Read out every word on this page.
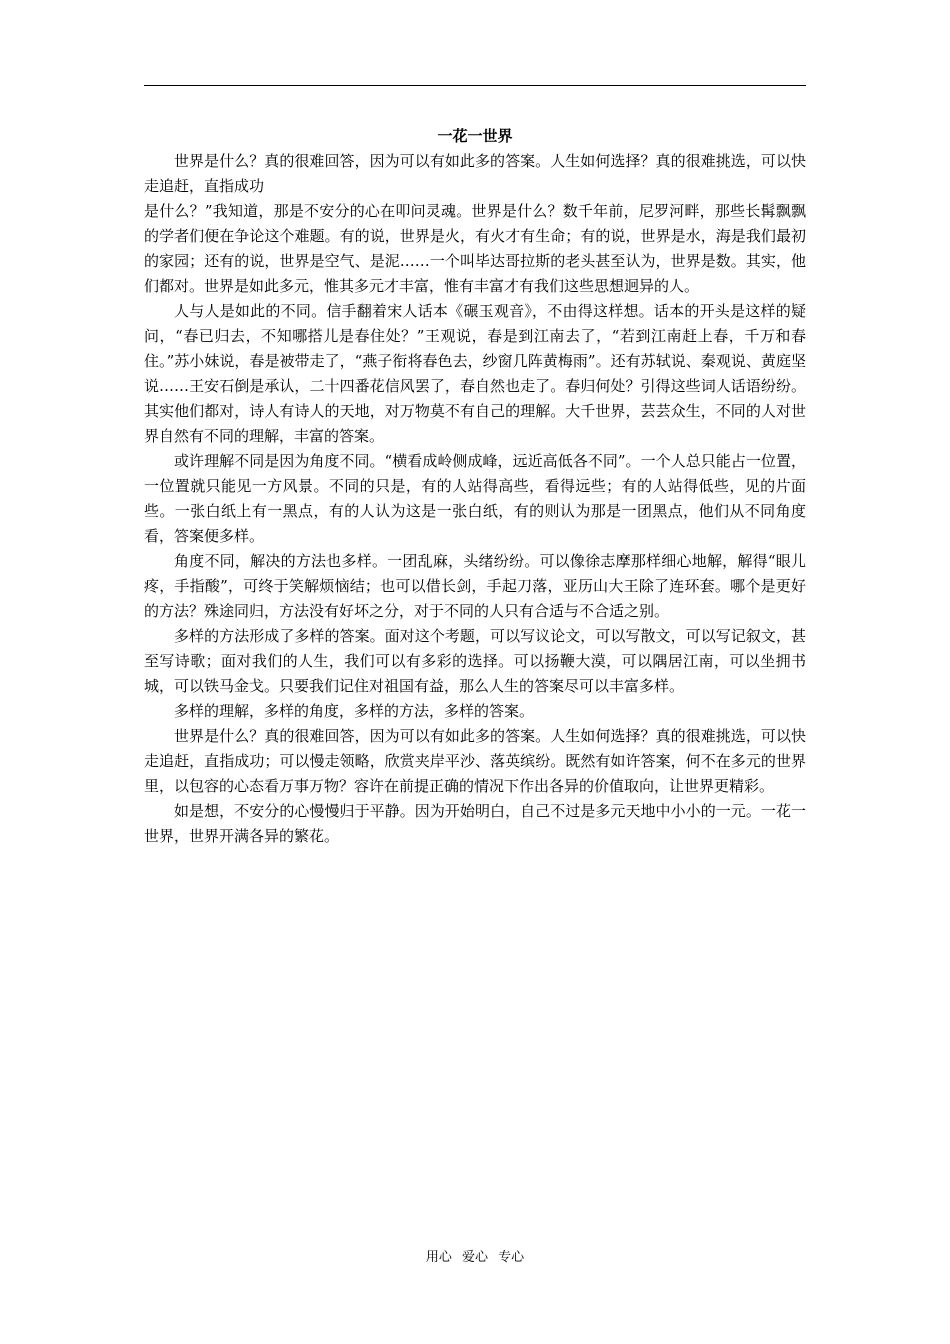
一花一世界

世界是什么？真的很难回答，因为可以有如此多的答案。人生如何选择？真的很难挑选，可以快走追赶，直指成功

是什么？”我知道，那是不安分的心在叩问灵魂。世界是什么？数千年前，尼罗河畔，那些长髯飘飘的学者们便在争论这个难题。有的说，世界是火，有火才有生命；有的说，世界是水，海是我们最初的家园；还有的说，世界是空气、是泥……一个叫毕达哥拉斯的老头甚至认为，世界是数。其实，他们都对。世界是如此多元，惟其多元才丰富，惟有丰富才有我们这些思想迥异的人。

人与人是如此的不同。信手翻着宋人话本《碾玉观音》，不由得这样想。话本的开头是这样的疑问，“春已归去，不知哪搭儿是春住处？”王观说，春是到江南去了，“若到江南赶上春，千万和春住。”苏小妹说，春是被带走了，“燕子衔将春色去，纱窗几阵黄梅雨”。还有苏轼说、秦观说、黄庭坚说……王安石倒是承认，二十四番花信风罢了，春自然也走了。春归何处？引得这些词人话语纷纷。其实他们都对，诗人有诗人的天地，对万物莫不有自己的理解。大千世界，芸芸众生，不同的人对世界自然有不同的理解，丰富的答案。

或许理解不同是因为角度不同。“横看成岭侧成峰，远近高低各不同”。一个人总只能占一位置，一位置就只能见一方风景。不同的只是，有的人站得高些，看得远些；有的人站得低些，见的片面些。一张白纸上有一黑点，有的人认为这是一张白纸，有的则认为那是一团黑点，他们从不同角度看，答案便多样。

角度不同，解决的方法也多样。一团乱麻，头绪纷纷。可以像徐志摩那样细心地解，解得“眼儿疼，手指酸”，可终于笑解烦恼结；也可以借长剑，手起刀落，亚历山大王除了连环套。哪个是更好的方法？殊途同归，方法没有好坏之分，对于不同的人只有合适与不合适之别。

多样的方法形成了多样的答案。面对这个考题，可以写议论文，可以写散文，可以写记叙文，甚至写诗歌；面对我们的人生，我们可以有多彩的选择。可以扬鞭大漠，可以隅居江南，可以坐拥书城，可以铁马金戈。只要我们记住对祖国有益，那么人生的答案尽可以丰富多样。

多样的理解，多样的角度，多样的方法，多样的答案。

世界是什么？真的很难回答，因为可以有如此多的答案。人生如何选择？真的很难挑选，可以快走追赶，直指成功；可以慢走领略，欣赏夹岸平沙、落英缤纷。既然有如许答案，何不在多元的世界里，以包容的心态看万事万物？容许在前提正确的情况下作出各异的价值取向，让世界更精彩。

如是想，不安分的心慢慢归于平静。因为开始明白，自己不过是多元天地中小小的一元。一花一世界，世界开满各异的繁花。

用心 爱心 专心
